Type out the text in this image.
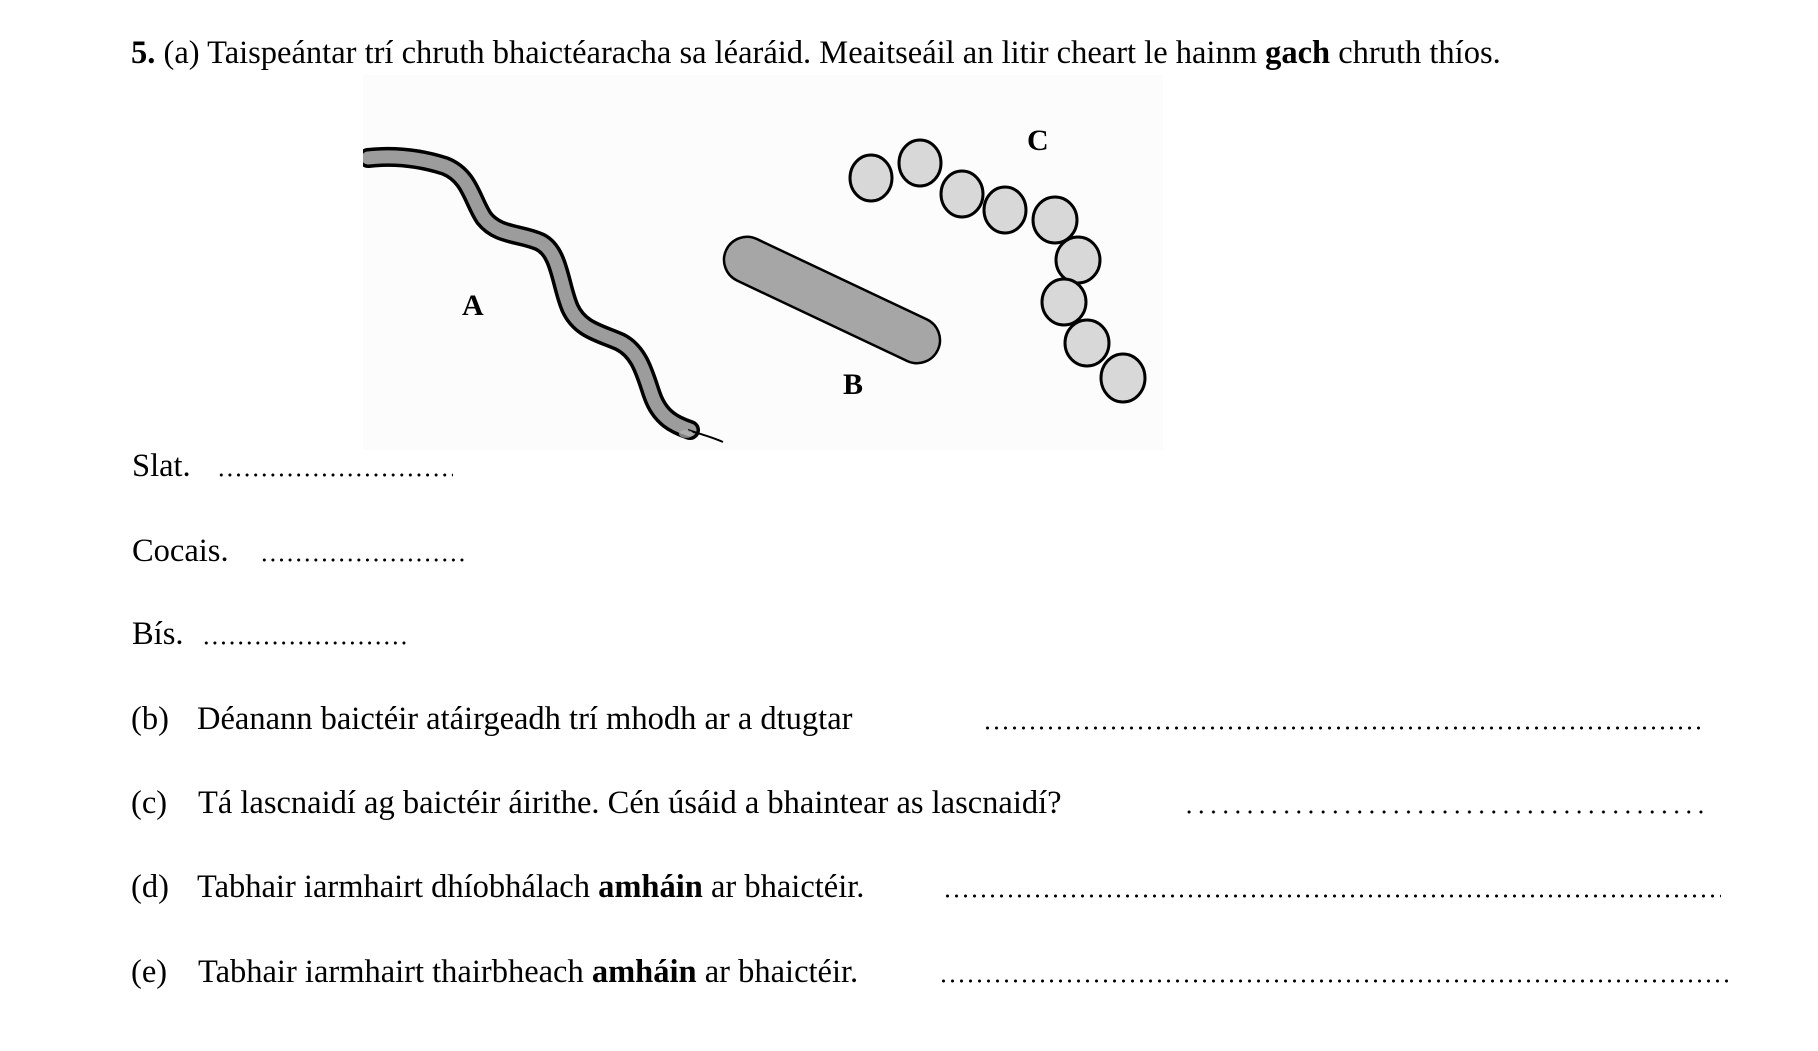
5. (a) Taispeántar trí chruth bhaictéaracha sa léaráid. Meaitseáil an litir cheart le hainm gach chruth thíos.
A
B
C
Slat.
Cocais.
Bís.
(b) Déanann baictéir atáirgeadh trí mhodh ar a dtugtar
(c) Tá lascnaidí ag baictéir áirithe. Cén úsáid a bhaintear as lascnaidí?
(d) Tabhair iarmhairt dhíobhálach amháin ar bhaictéir.
(e) Tabhair iarmhairt thairbheach amháin ar bhaictéir.
